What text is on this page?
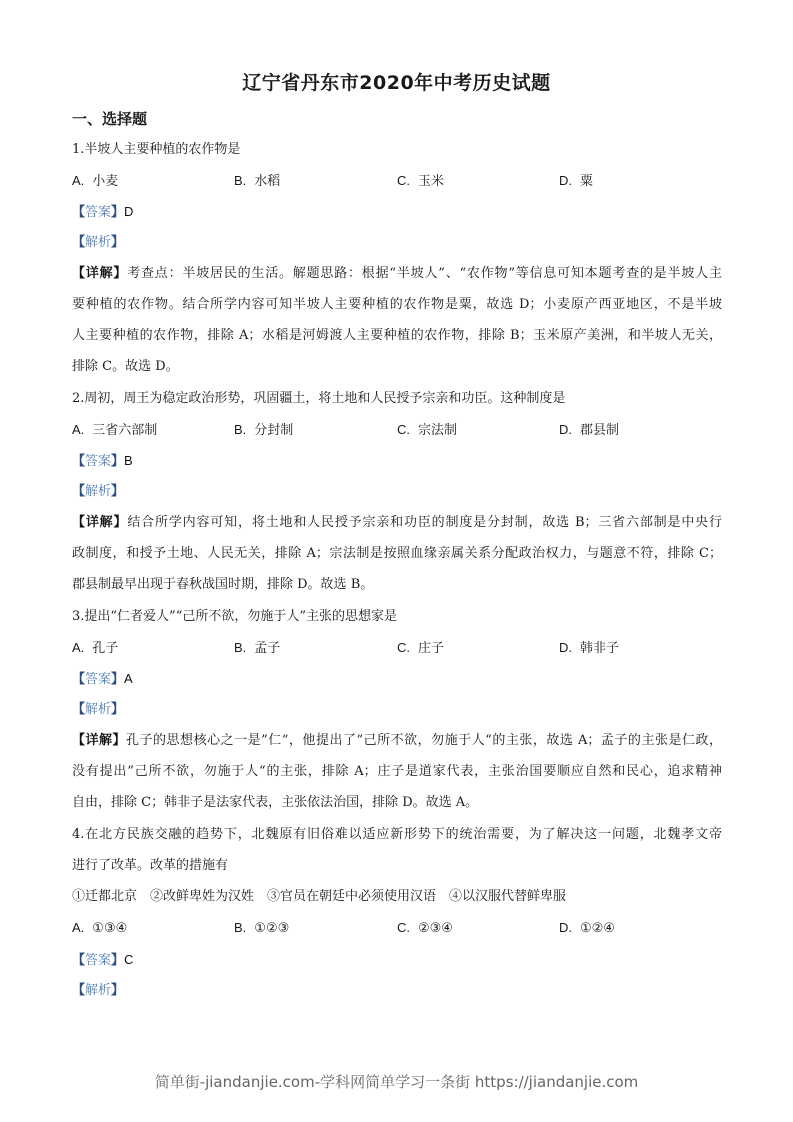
辽宁省丹东市2020年中考历史试题
一、选择题
1.半坡人主要种植的农作物是
A. 小麦	B. 水稻	C. 玉米	D. 粟
【答案】D
【解析】
【详解】考查点：半坡居民的生活。解题思路：根据“半坡人”、“农作物”等信息可知本题考查的是半坡人主
要种植的农作物。结合所学内容可知半坡人主要种植的农作物是粟，故选 D；小麦原产西亚地区，不是半坡
人主要种植的农作物，排除 A；水稻是河姆渡人主要种植的农作物，排除 B；玉米原产美洲，和半坡人无关，
排除 C。故选 D。
2.周初，周王为稳定政治形势，巩固疆土，将土地和人民授予宗亲和功臣。这种制度是
A. 三省六部制	B. 分封制	C. 宗法制	D. 郡县制
【答案】B
【解析】
【详解】结合所学内容可知，将土地和人民授予宗亲和功臣的制度是分封制，故选 B；三省六部制是中央行
政制度，和授予土地、人民无关，排除 A；宗法制是按照血缘亲属关系分配政治权力，与题意不符，排除 C；
郡县制最早出现于春秋战国时期，排除 D。故选 B。
3.提出“仁者爱人”“己所不欲，勿施于人”主张的思想家是
A. 孔子	B. 孟子	C. 庄子	D. 韩非子
【答案】A
【解析】
【详解】孔子的思想核心之一是”仁“，他提出了”己所不欲，勿施于人“的主张，故选 A；孟子的主张是仁政，
没有提出”己所不欲，勿施于人“的主张，排除 A；庄子是道家代表，主张治国要顺应自然和民心，追求精神
自由，排除 C；韩非子是法家代表，主张依法治国，排除 D。故选 A。
4.在北方民族交融的趋势下，北魏原有旧俗难以适应新形势下的统治需要，为了解决这一问题，北魏孝文帝
进行了改革。改革的措施有
①迁都北京　②改鲜卑姓为汉姓　③官员在朝廷中必须使用汉语　④以汉服代替鲜卑服
A. ①③④	B. ①②③	C. ②③④	D. ①②④
【答案】C
【解析】
简单街-jiandanjie.com-学科网简单学习一条街 https://jiandanjie.com
